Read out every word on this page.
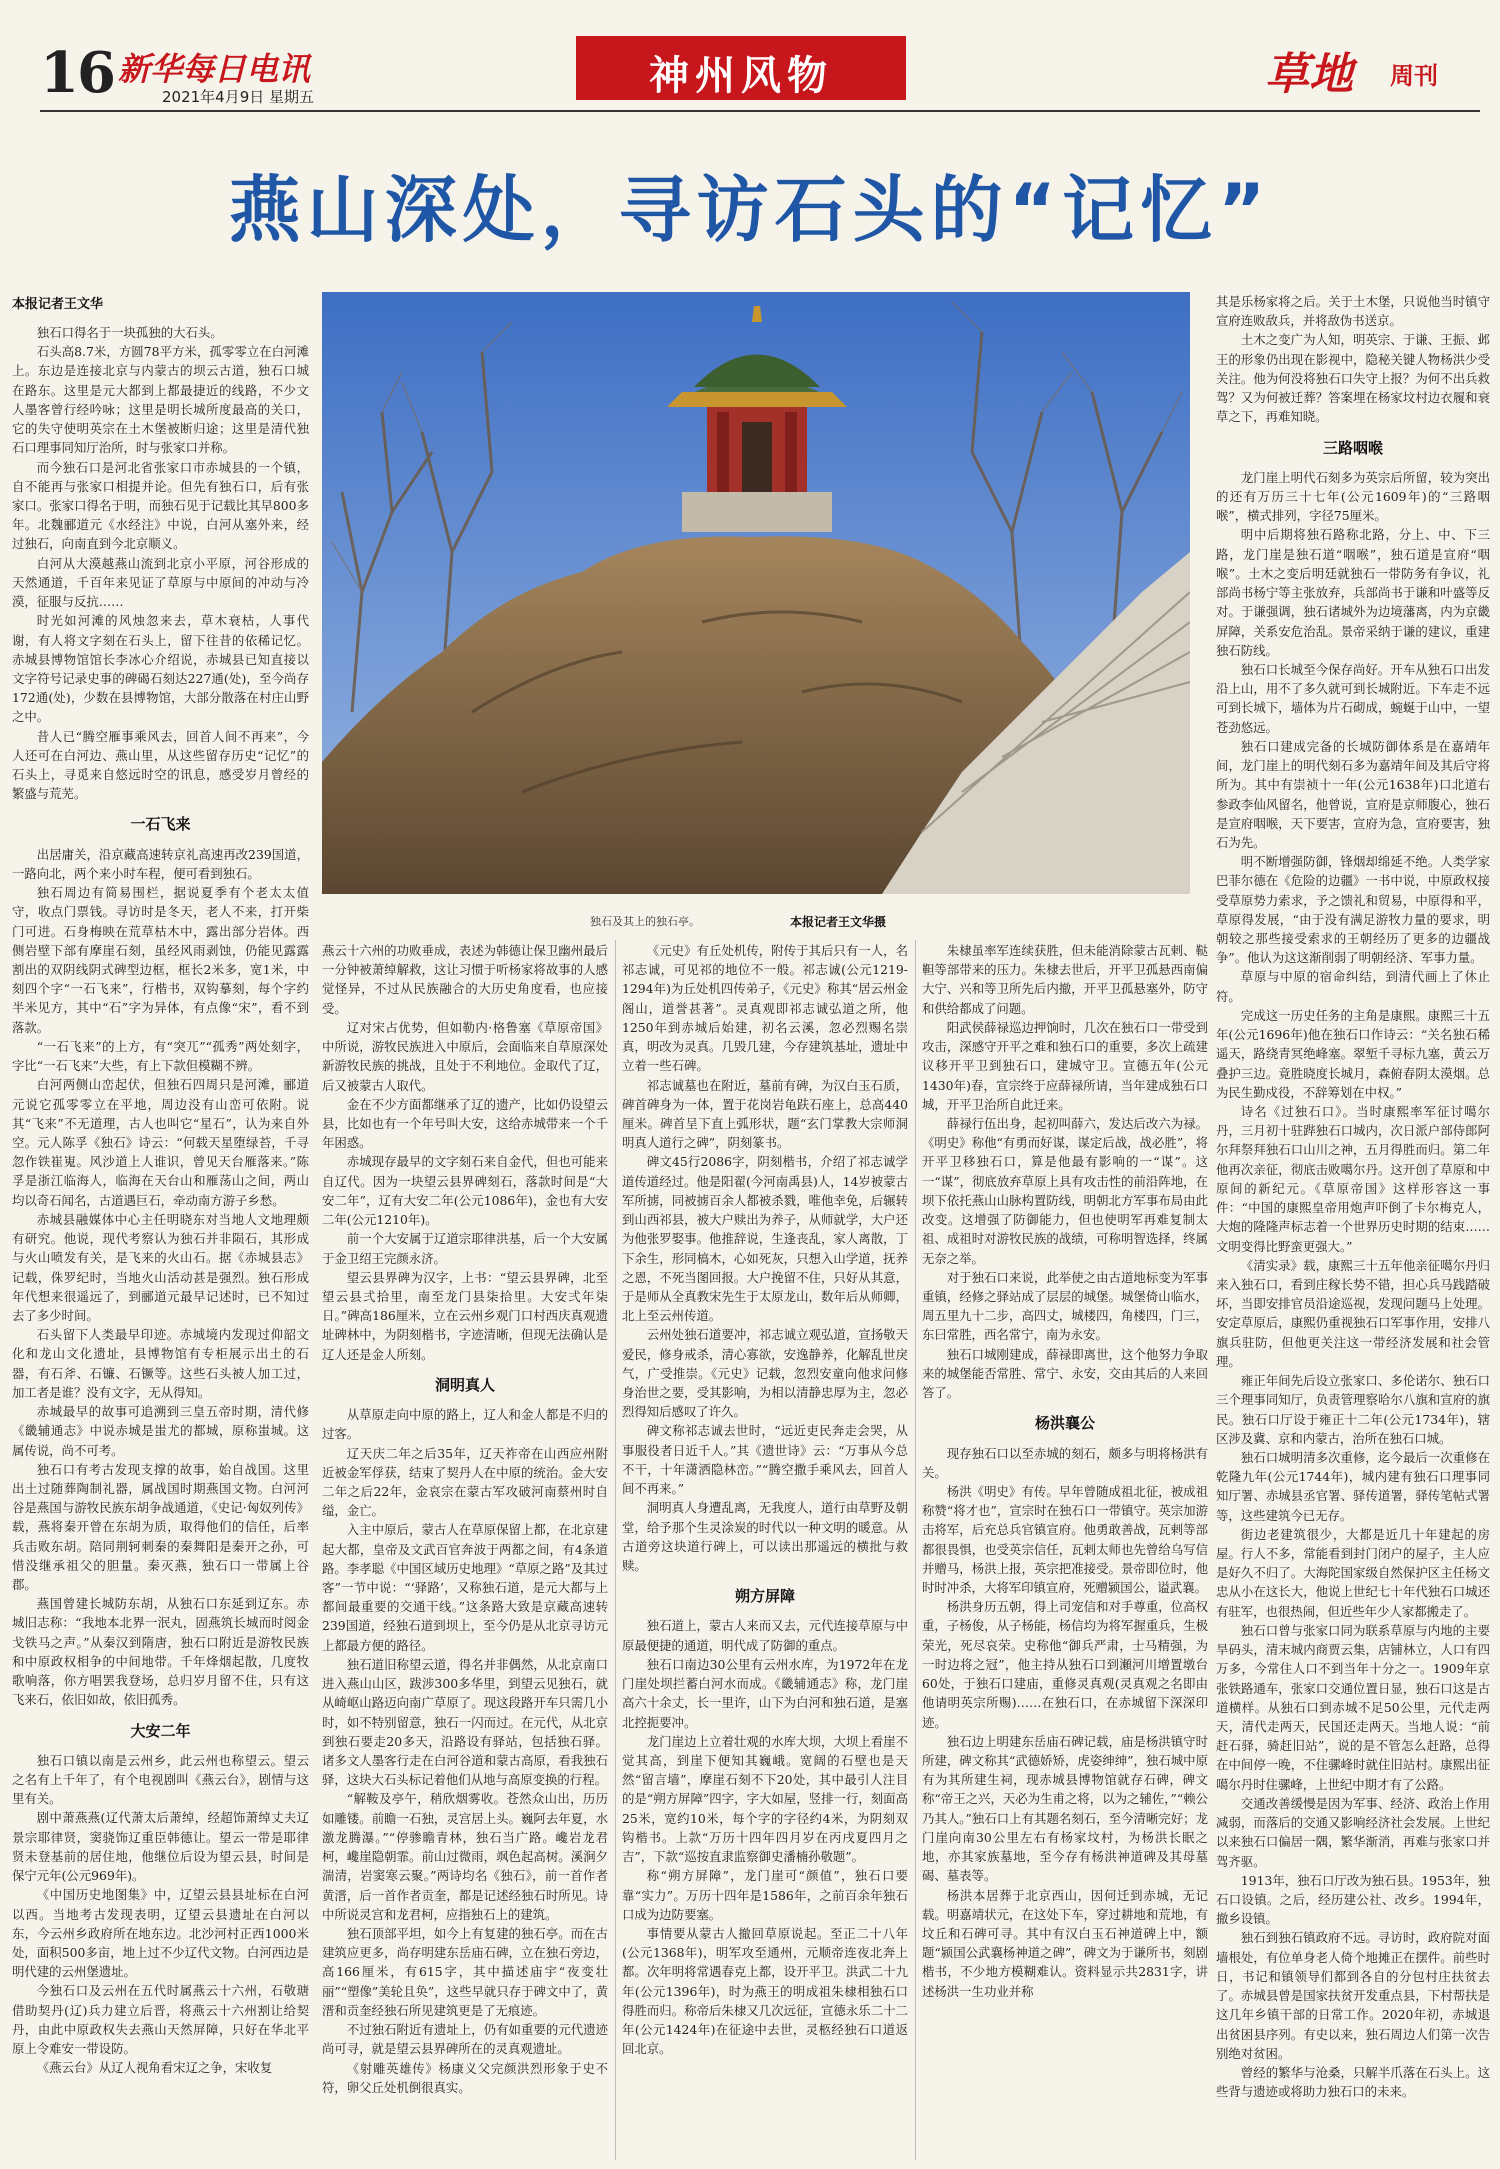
16 新华每日电讯
2021年4月9日 星期五	神州风物	草地 周刊
燕山深处，寻访石头的“记忆”
本报记者王文华
独石及其上的独石亭。	本报记者王文华摄

独石口得名于一块孤独的大石头。

石头高8.7米，方圆78平方米，孤零零立在白河滩上。东边是连接北京与内蒙古的坝云古道，独石口城在路东。这里是元大都到上都最捷近的线路，不少文人墨客曾行经吟咏；这里是明长城所度最高的关口，它的失守使明英宗在土木堡被断归途；这里是清代独石口理事同知厅治所，时与张家口并称。

而今独石口是河北省张家口市赤城县的一个镇，自不能再与张家口相提并论。但先有独石口，后有张家口。张家口得名于明，而独石见于记载比其早800多年。北魏郦道元《水经注》中说，白河从塞外来，经过独石，向南直到今北京顺义。

白河从大漠越燕山流到北京小平原，河谷形成的天然通道，千百年来见证了草原与中原间的冲动与冷漠，征服与反抗……

时光如河滩的风烛忽来去，草木衰枯，人事代谢，有人将文字刻在石头上，留下往昔的依稀记忆。赤城县博物馆馆长李冰心介绍说，赤城县已知直接以文字符号记录史事的碑碣石刻达227通(处)，至今尚存172通(处)，少数在县博物馆，大部分散落在村庄山野之中。

昔人已“腾空雁事乘风去，回首人间不再来”，今人还可在白河边、燕山里，从这些留存历史“记忆”的石头上，寻觅来自悠远时空的讯息，感受岁月曾经的繁盛与荒芜。

一石飞来

出居庸关，沿京藏高速转京礼高速再改239国道，一路向北，两个来小时车程，便可看到独石。

独石周边有简易围栏，据说夏季有个老太太值守，收点门票钱。寻访时是冬天，老人不来，打开柴门可进。石身梅映在荒草枯木中，露出部分岩体。西侧岩壁下部有摩崖石刻，虽经风雨剥蚀，仍能见露露割出的双阴线阴式碑型边框，框长2米多，宽1米，中刻四个字“一石飞来”，行楷书，双钩摹刻，每个字约半米见方，其中“石”字为异体，有点像“宋”，看不到落款。

“一石飞来”的上方，有“突兀”“孤秀”两处刻字，字比“一石飞来”大些，有上下款但模糊不辨。

白河两侧山峦起伏，但独石四周只是河滩，郦道元说它孤零零立在平地，周边没有山峦可依附。说其“飞来”不无道理，古人也叫它“星石”，认为来自外空。元人陈孚《独石》诗云：“何载天星堕绿苔，千寻忽作铁崔嵬。风沙道上人谁识，曾见天台雁落来。”陈孚是浙江临海人，临海在天台山和雁荡山之间，两山均以奇石闻名，古道遇巨石，牵动南方游子乡愁。

赤城县融媒体中心主任明晓东对当地人文地理颇有研究。他说，现代考察认为独石并非陨石，其形成与火山喷发有关，是飞来的火山石。据《赤城县志》记载，侏罗纪时，当地火山活动甚是强烈。独石形成年代想来很遥远了，到郦道元最早记述时，已不知过去了多少时间。

石头留下人类最早印迹。赤城境内发现过仰韶文化和龙山文化遗址，县博物馆有专柜展示出土的石器，有石斧、石镰、石镢等。这些石头被人加工过，加工者是谁？没有文字，无从得知。

赤城最早的故事可追溯到三皇五帝时期，清代修《畿辅通志》中说赤城是蚩尤的都城，原称蚩城。这属传说，尚不可考。

独石口有考古发现支撑的故事，始自战国。这里出土过随葬陶制礼器，属战国时期燕国文物。白河河谷是燕国与游牧民族东胡争战通道，《史记·匈奴列传》载，燕将秦开曾在东胡为质，取得他们的信任，后率兵击败东胡。陪同荆轲刺秦的秦舞阳是秦开之孙，可惜没继承祖父的胆量。秦灭燕，独石口一带属上谷郡。

燕国曾建长城防东胡，从独石口东延到辽东。赤城旧志称：“我地本北界一泯丸，固燕筑长城而时阅金戈铁马之声。”从秦汉到隋唐，独石口附近是游牧民族和中原政权相争的中间地带。千年烽烟起散，几度牧歌响落，你方唱罢我登场，总归岁月留不住，只有这飞来石，依旧如故，依旧孤秀。

大安二年

独石口镇以南是云州乡，此云州也称望云。望云之名有上千年了，有个电视剧叫《燕云台》，剧情与这里有关。

剧中萧燕燕(辽代萧太后萧绰，经超饰萧绰丈夫辽景宗耶律贤，窦骁饰辽重臣韩德让。望云一带是耶律贤未登基前的居住地，他继位后设为望云县，时间是保宁元年(公元969年)。

《中国历史地图集》中，辽望云县县址标在白河以西。当地考古发现表明，辽望云县遗址在白河以东，今云州乡政府所在地东边。北沙河村正西1000米处，面积500多亩，地上过不少辽代文物。白河西边是明代建的云州堡遗址。

今独石口及云州在五代时属燕云十六州，石敬瑭借助契丹(辽)兵力建立后晋，将燕云十六州割让给契丹，由此中原政权失去燕山天然屏障，只好在华北平原上令难安一带设防。

《燕云台》从辽人视角看宋辽之争，宋收复

燕云十六州的功败垂成，表述为韩德让保卫幽州最后一分钟被萧绰解救，这让习惯于听杨家将故事的人感觉怪异，不过从民族融合的大历史角度看，也应接受。

辽对宋占优势，但如勒内·格鲁塞《草原帝国》中所说，游牧民族进入中原后，会面临来自草原深处新游牧民族的挑战，且处于不利地位。金取代了辽，后又被蒙古人取代。

金在不少方面都继承了辽的遗产，比如仍设望云县，比如也有一个年号叫大安，这给赤城带来一个千年困惑。

赤城现存最早的文字刻石来自金代，但也可能来自辽代。因为一块望云县界碑刻石，落款时间是“大安二年”，辽有大安二年(公元1086年)，金也有大安二年(公元1210年)。

前一个大安属于辽道宗耶律洪基，后一个大安属于金卫绍王完颜永济。

望云县界碑为汉字，上书：“望云县界碑，北至望云县弍拾里，南至龙门县柒拾里。大安弍年柒日。”碑高186厘米，立在云州乡观门口村西庆真观遗址碑林中，为阴刻楷书，字迹清晰，但现无法确认是辽人还是金人所刻。

洞明真人

从草原走向中原的路上，辽人和金人都是不归的过客。

辽天庆二年之后35年，辽天祚帝在山西应州附近被金军俘获，结束了契丹人在中原的统治。金大安二年之后22年，金哀宗在蒙古军攻破河南蔡州时自缢，金亡。

入主中原后，蒙古人在草原保留上都，在北京建起大都，皇帝及文武百官奔波于两都之间，有4条道路。李孝聪《中国区域历史地理》“草原之路”及其过客”一节中说：“‘驿路’，又称独石道，是元大都与上都间最重要的交通干线。”这条路大致是京藏高速转239国道，经独石道到坝上，至今仍是从北京寻访元上都最方便的路径。

独石道旧称望云道，得名并非偶然，从北京南口进入燕山山区，跋涉300多华里，到望云见独石，就从崎岖山路迈向南广草原了。现这段路开车只需几小时，如不特别留意，独石一闪而过。在元代，从北京到独石要走20多天，沿路设有驿站，包括独石驿。诸多文人墨客行走在白河谷道和蒙古高原，看我独石驿，这块大石头标记着他们从地与高原变换的行程。

“解鞍及亭午，稍欣烟雾收。苍然众山出，历历如雕镂。前瞻一石独，灵宫居上头。巍阿去年夏，水激龙腾瀑。”“停骖瞻青林，独石当广路。巉岩龙君柯，巉崖隐朝霏。前山过微雨，飒色起高树。溪涧夕湍清，岩窦寒云聚。”两诗均名《独石》，前一首作者黄溍，后一首作者贡奎，都是记述经独石时所见。诗中所说灵宫和龙君柯，应指独石上的建筑。

独石顶部平坦，如今上有复建的独石亭。而在古建筑应更多，尚存明建东岳庙石碑，立在独石旁边，高166厘米，有615字，其中描述庙宇“夜变壮丽”“塑像”美轮且奂”，这些早就只存于碑文中了，黄溍和贡奎经独石所见建筑更是了无痕迹。

不过独石附近有遗址上，仍有如重要的元代遗迹尚可寻，就是望云县界碑所在的灵真观遗址。

《射雕英雄传》杨康义父完颜洪烈形象于史不符，卵父丘处机倒很真实。

《元史》有丘处机传，附传于其后只有一人，名祁志诚，可见祁的地位不一般。祁志诚(公元1219-1294年)为丘处机四传弟子，《元史》称其“居云州金阁山，道誉甚著”。灵真观即祁志诚弘道之所，他1250年到赤城后始建，初名云溪，忽必烈赐名崇真，明改为灵真。几毁几建，今存建筑基址，遗址中立着一些石碑。

祁志诚墓也在附近，墓前有碑，为汉白玉石质，碑首碑身为一体，置于花岗岩龟趺石座上，总高440厘米。碑首呈下直上弧形状，题“玄门掌教大宗师洞明真人道行之碑”，阴刻篆书。

碑文45行2086字，阴刻楷书，介绍了祁志诚学道传道经过。他是阳翟(今河南禹县)人，14岁被蒙古军所掳，同被掳百余人都被杀戮，唯他幸免，后辗转到山西祁县，被大户赎出为养子，从师就学，大户还为他张罗娶事。他推辞说，生逢丧乱，家人离散，丁下余生，形同槁木，心如死灰，只想入山学道，抚养之恩，不死当图回报。大户挽留不住，只好从其意，于是师从全真教宋先生于太原龙山，数年后从师卿，北上至云州传道。

云州处独石道要冲，祁志诚立观弘道，宣扬敬天爱民，修身戒杀，清心寡欲，安逸静养，化解乱世戾气，广受推崇。《元史》记载，忽烈安童向他求问修身治世之要，受其影响，为相以清静忠厚为主，忽必烈得知后感叹了许久。

碑文称祁志诚去世时，“远近吏民奔走会哭，从事服役者日近千人。”其《遗世诗》云：“万事从今总不干，十年潇洒隐林峦。”“腾空撒手乘风去，回首人间不再来。”

洞明真人身遭乱离，无我度人，道行由草野及朝堂，给予那个生灵涂炭的时代以一种文明的暖意。从古道旁这块道行碑上，可以读出那遥远的横批与救赎。

朔方屏障

独石道上，蒙古人来而又去，元代连接草原与中原最便捷的通道，明代成了防御的重点。

独石口南边30公里有云州水库，为1972年在龙门崖处坝拦蓄白河水而成。《畿辅通志》称，龙门崖高六十余丈，长一里许，山下为白河和独石道，是塞北控扼要冲。

龙门崖边上立着壮观的水库大坝，大坝上看崖不觉其高，到崖下便知其巍峨。宽阔的石壁也是天然“留言墙”，摩崖石刻不下20处，其中最引人注目的是“朔方屏障”四字，字大如屋，竖排一行，刻面高25米，宽约10米，每个字的字径约4米，为阴刻双钩楷书。上款“万历十四年四月岁在丙戌夏四月之吉”，下款“巡按直隶监察御史潘楠孙敬题”。

称“朔方屏障”，龙门崖可“颜值”，独石口要靠“实力”。万历十四年是1586年，之前百余年独石口成为边防要塞。

事情要从蒙古人撤回草原说起。至正二十八年(公元1368年)，明军攻至通州，元顺帝连夜北奔上都。次年明将常遇春克上都，设开平卫。洪武二十九年(公元1396年)，时为燕王的明成祖朱棣相独石口得胜而归。称帝后朱棣又几次远征，宣德永乐二十二年(公元1424年)在征途中去世，灵柩经独石口道返回北京。

朱棣虽率军连续获胜，但未能消除蒙古瓦剌、鞑靼等部带来的压力。朱棣去世后，开平卫孤悬西南偏大宁、兴和等卫所先后内撤，开平卫孤悬塞外，防守和供给都成了问题。

阳武侯薛禄巡边押饷时，几次在独石口一带受到攻击，深感守开平之难和独石口的重要，多次上疏建议移开平卫到独石口，建城守卫。宣德五年(公元1430年)春，宣宗终于应薛禄所请，当年建成独石口城，开平卫治所自此迁来。

薛禄行伍出身，起初叫薛六，发达后改六为禄。《明史》称他“有勇而好谋，谋定后战，战必胜”，将开平卫移独石口，算是他最有影响的一“谋”。这一“谋”，彻底放弃草原上具有攻击性的前沿阵地，在坝下依托燕山山脉构置防线，明朝北方军事布局由此改变。这增强了防御能力，但也使明军再难复制太祖、成祖时对游牧民族的战绩，可称明智选择，终属无奈之举。

对于独石口来说，此举使之由古道地标变为军事重镇，经修之驿站成了层层的城堡。城堡倚山临水，周五里九十二步，高四丈，城楼四，角楼四，门三，东曰常胜，西名常宁，南为永安。

独石口城刚建成，薛禄即离世，这个他努力争取来的城堡能否常胜、常宁、永安，交由其后的人来回答了。

杨洪襄公

现存独石口以至赤城的刻石，颇多与明将杨洪有关。

杨洪《明史》有传。早年曾随成祖北征，被成祖称赞“将才也”，宣宗时在独石口一带镇守。英宗加游击将军，后充总兵官镇宣府。他勇敢善战，瓦剌等部都很畏惧，也受英宗信任，瓦剌太师也先曾给乌写信并赠马，杨洪上报，英宗把准接受。景帝即位时，他时时冲杀，大将军印镇宣府，死赠颍国公，谥武襄。

杨洪身历五朝，得上司宠信和对手尊重，位高权重，子杨俊，从子杨能，杨信均为将军握重兵，生极荣光，死尽哀荣。史称他“御兵严肃，士马精强，为一时边将之冠”，他主持从独石口到瀬河川增置墩台60处，于独石口建庙，重修灵真观(灵真观之名即由他请明英宗所赐)……在独石口，在赤城留下深深印迹。

独石边上明建东岳庙石碑记载，庙是杨洪镇守时所建，碑文称其“武德娇矫，虎姿绅绅”，独石城中原有为其所建生祠，现赤城县博物馆就存石碑，碑文称“帝王之兴，天必为生甫之将，以为之辅佐，”“赖公乃其人。”独石口上有其题名刻石，至今清晰完好；龙门崖向南30公里左右有杨家坟村，为杨洪长眠之地，亦其家族墓地，至今存有杨洪神道碑及其母墓碣、墓表等。

杨洪本居葬于北京西山，因何迁到赤城，无记载。明嘉靖状元，在这处下车，穿过耕地和荒地，有坟丘和石碑可寻。其中有汉白玉石神道碑上中，额题“颍国公武襄杨神道之碑”，碑文为于谦所书，刻剧楷书，不少地方模糊难认。资料显示共2831字，讲述杨洪一生功业并称

其是乐杨家将之后。关于土木堡，只说他当时镇守宣府连败敌兵，并将敌伪书送京。

土木之变广为人知，明英宗、于谦、王振、邺王的形象仍出现在影视中，隐秘关键人物杨洪少受关注。他为何没将独石口失守上报？为何不出兵救驾？又为何被迁葬？答案埋在杨家坟村边衣履和衰草之下，再难知晓。

三路咽喉

龙门崖上明代石刻多为英宗后所留，较为突出的还有万历三十七年(公元1609年)的“三路咽喉”，横式排列，字径75厘米。

明中后期将独石路称北路，分上、中、下三路，龙门崖是独石道“咽喉”，独石道是宣府“咽喉”。土木之变后明廷就独石一带防务有争议，礼部尚书杨宁等主张放弃，兵部尚书于谦和叶盛等反对。于谦强调，独石诸城外为边境藩离，内为京畿屏障，关系安危治乱。景帝采纳于谦的建议，重建独石防线。

独石口长城至今保存尚好。开车从独石口出发沿上山，用不了多久就可到长城附近。下车走不远可到长城下，墙体为片石砌成，蜿蜒于山中，一望苍劲悠远。

独石口建成完备的长城防御体系是在嘉靖年间，龙门崖上的明代刻石多为嘉靖年间及其后守将所为。其中有崇祯十一年(公元1638年)口北道右参政李仙风留名，他曾说，宣府是京师腹心，独石是宣府咽喉，天下要害，宣府为急，宣府要害，独石为先。

明不断增强防御，锋烟却绵延不绝。人类学家巴菲尔德在《危险的边疆》一书中说，中原政权接受草原势力索求，予之馈礼和贸易，中原得和平，草原得发展，“由于没有满足游牧力量的要求，明朝较之那些接受索求的王朝经历了更多的边疆战争”。他认为这这渐削弱了明朝经济、军事力量。

草原与中原的宿命纠结，到清代画上了休止符。

完成这一历史任务的主角是康熙。康熙三十五年(公元1696年)他在独石口作诗云：“关名独石稀遥天，路绕青冥绝峰塞。翠堑千寻标九塞，黄云万叠护三边。竟胜晓度长城月，森俯春阴太漠烟。总为民生勤戍役，不辞筹划在中权。”

诗名《过独石口》。当时康熙率军征讨噶尔丹，三月初十驻跸独石口城内，次日派户部侍郎阿尔拜祭拜独石口山川之神，五月得胜而归。第二年他再次亲征，彻底击败噶尔丹。这开创了草原和中原间的新纪元。《草原帝国》这样形容这一事件：“中国的康熙皇帝用炮声吓倒了卡尔梅克人，大炮的隆隆声标志着一个世界历史时期的结束……文明变得比野蛮更强大。”

《清实录》载，康熙三十五年他亲征噶尔丹归来入独石口，看到庄稼长势不错，担心兵马践踏破坏，当即安排官员沿途巡视，发现问题马上处理。安定草原后，康熙仍重视独石口军事作用，安排八旗兵驻防，但他更关注这一带经济发展和社会管理。

雍正年间先后设立张家口、多伦诺尔、独石口三个理事同知厅，负责管理察哈尔八旗和宣府的旗民。独石口厅设于雍正十二年(公元1734年)，辖区涉及冀、京和内蒙古，治所在独石口城。

独石口城明清多次重修，迄今最后一次重修在乾隆九年(公元1744年)，城内建有独石口理事同知厅署、赤城县丞官署、驿传道署，驿传笔帖式署等，这些建筑今已无存。

街边老建筑很少，大都是近几十年建起的房屋。行人不多，常能看到封门闭户的屋子，主人应是好久不归了。大海陀国家级自然保护区主任杨文忠从小在这长大，他说上世纪七十年代独石口城还有驻军，也很热闹，但近些年少人家都搬走了。

独石口曾与张家口同为联系草原与内地的主要旱码头，清末城内商贾云集，店铺林立，人口有四万多，今常住人口不到当年十分之一。1909年京张铁路通车，张家口交通位置日显，独石口这是古道横样。从独石口到赤城不足50公里，元代走两天，清代走两天，民国还走两天。当地人说：“前赶石驿，骑赶旧站”，说的是不管怎么赶路，总得在中间停一晚，不住骡峰时就住旧站村。康熙出征噶尔丹时住骡峰，上世纪中期才有了公路。

交通改善缓慢是因为军事、经济、政治上作用减弱，而落后的交通又影响经济社会发展。上世纪以来独石口偏居一隅，繁华渐消，再难与张家口并驾齐驱。

1913年，独石口厅改为独石县。1953年，独石口设镇。之后，经历建公社、改乡。1994年，撤乡设镇。

独石到独石镇政府不远。寻访时，政府院对面墙根处，有位单身老人倚个地摊正在摆件。前些时日，书记和镇领导们都到各自的分包村庄扶贫去了。赤城县曾是国家扶贫开发重点县，下村帮扶是这几年乡镇干部的日常工作。2020年初，赤城退出贫困县序列。有史以来，独石周边人们第一次告别绝对贫困。

曾经的繁华与沧桑，只解半爪落在石头上。这些背与遗迹或将助力独石口的未来。
